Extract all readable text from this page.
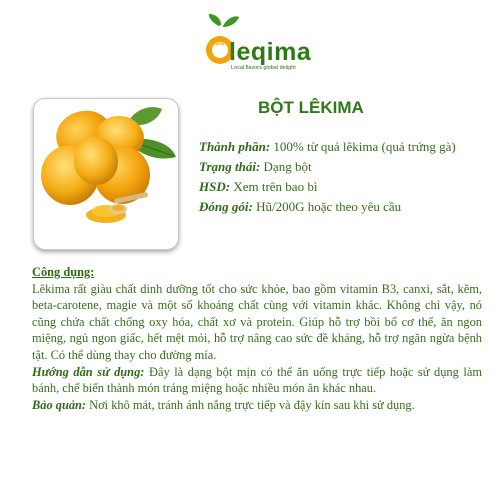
leqima
Local flavors global delight
BỘT LÊKIMA
Thành phần: 100% từ quả lêkima (quả trứng gà)
Trạng thái: Dạng bột
HSD: Xem trên bao bì
Đóng gói: Hũ/200G hoặc theo yêu cầu
Công dụng:
Lêkima rất giàu chất dinh dưỡng tốt cho sức khỏe, bao gồm vitamin B3, canxi, sắt, kẽm, beta-carotene, magie và một số khoáng chất cùng với vitamin khác. Không chỉ vậy, nó cũng chứa chất chống oxy hóa, chất xơ và protein. Giúp hỗ trợ bồi bổ cơ thể, ăn ngon miệng, ngủ ngon giấc, hết mệt mỏi, hỗ trợ nâng cao sức đề kháng, hỗ trợ ngăn ngừa bệnh tật. Có thể dùng thay cho đường mía.
Hướng dẫn sử dụng: Đây là dạng bột mịn có thể ăn uống trực tiếp hoặc sử dụng làm bánh, chế biến thành món tráng miệng hoặc nhiều món ăn khác nhau.
Bảo quản: Nơi khô mát, tránh ánh nắng trực tiếp và đậy kín sau khi sử dụng.
